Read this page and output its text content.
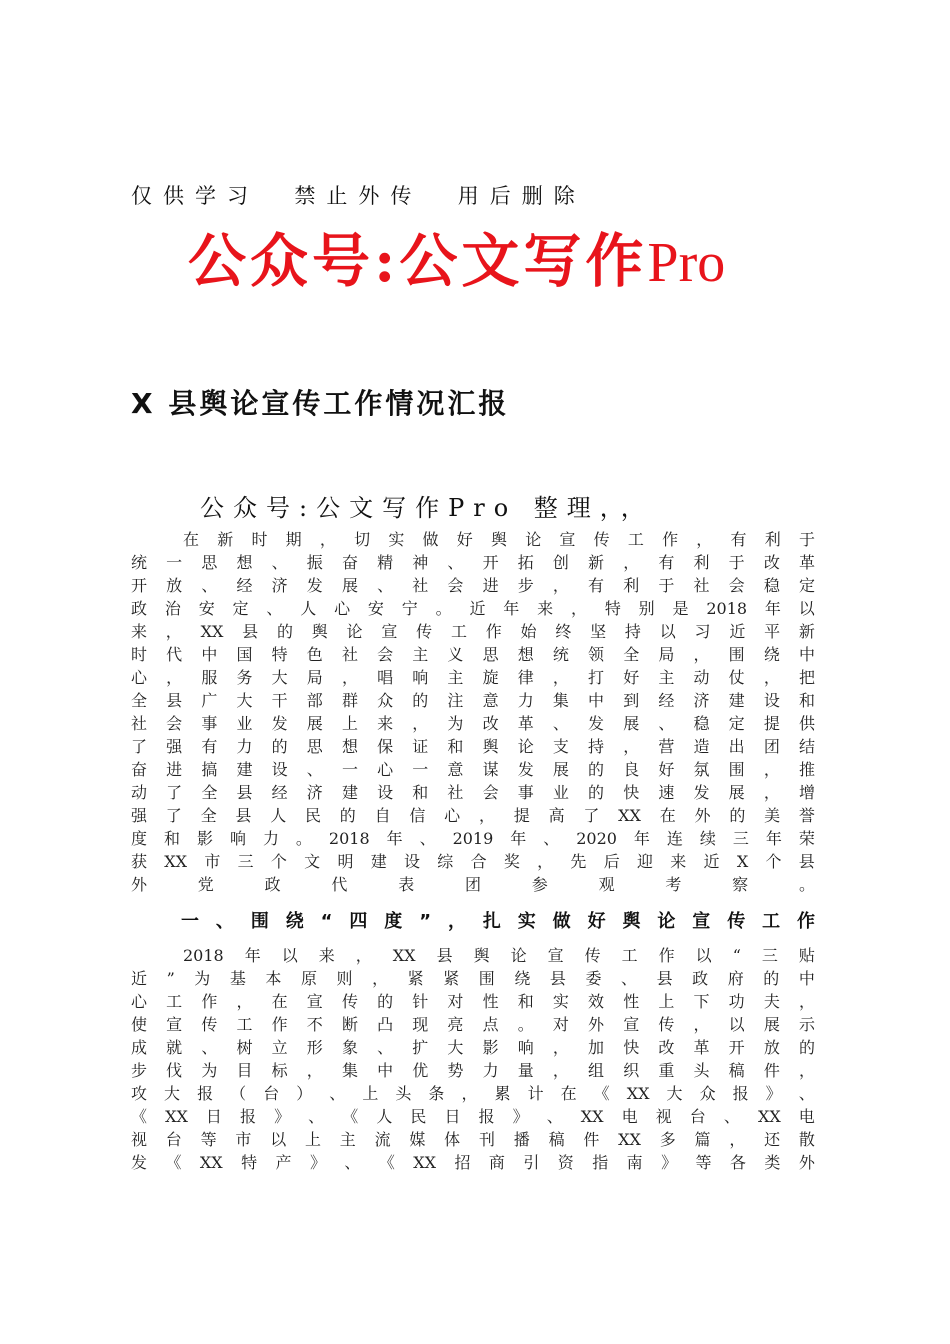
仅供学习  禁止外传  用后删除
公众号:公文写作Pro
X 县舆论宣传工作情况汇报
公众号:公文写作Pro 整理，，
在 新 时 期 ， 切 实 做 好 舆 论 宣 传 工 作 ， 有 利 于
统 一 思 想 、 振 奋 精 神 、 开 拓 创 新 ， 有 利 于 改 革
开 放 、 经 济 发 展 、 社 会 进 步 ， 有 利 于 社 会 稳 定
政 治 安 定 、 人 心 安 宁 。 近 年 来 ， 特 别 是 2018 年 以
来 ， XX 县 的 舆 论 宣 传 工 作 始 终 坚 持 以 习 近 平 新
时 代 中 国 特 色 社 会 主 义 思 想 统 领 全 局 ， 围 绕 中
心 ， 服 务 大 局 ， 唱 响 主 旋 律 ， 打 好 主 动 仗 ， 把
全 县 广 大 干 部 群 众 的 注 意 力 集 中 到 经 济 建 设 和
社 会 事 业 发 展 上 来 ， 为 改 革 、 发 展 、 稳 定 提 供
了 强 有 力 的 思 想 保 证 和 舆 论 支 持 ， 营 造 出 团 结
奋 进 搞 建 设 、 一 心 一 意 谋 发 展 的 良 好 氛 围 ， 推
动 了 全 县 经 济 建 设 和 社 会 事 业 的 快 速 发 展 ， 增
强 了 全 县 人 民 的 自 信 心 ， 提 高 了 XX 在 外 的 美 誉
度 和 影 响 力 。 2018 年 、 2019 年 、 2020 年 连 续 三 年 荣
获 XX 市 三 个 文 明 建 设 综 合 奖 ， 先 后 迎 来 近 X 个 县
外	党	政	代	表	团	参	观	考	察	。
一 、 围 绕 “ 四 度 ” ， 扎 实 做 好 舆 论 宣 传 工 作
2018 年 以 来 ， XX 县 舆 论 宣 传 工 作 以 “ 三 贴
近 ” 为 基 本 原 则 ， 紧 紧 围 绕 县 委 、 县 政 府 的 中
心 工 作 ， 在 宣 传 的 针 对 性 和 实 效 性 上 下 功 夫 ，
使 宣 传 工 作 不 断 凸 现 亮 点 。 对 外 宣 传 ， 以 展 示
成 就 、 树 立 形 象 、 扩 大 影 响 ， 加 快 改 革 开 放 的
步 伐 为 目 标 ， 集 中 优 势 力 量 ， 组 织 重 头 稿 件 ，
攻 大 报 （ 台 ） 、 上 头 条 ， 累 计 在 《 XX 大 众 报 》 、
《 XX 日 报 》 、 《 人 民 日 报 》 、 XX 电 视 台 、 XX 电
视 台 等 市 以 上 主 流 媒 体 刊 播 稿 件 XX 多 篇 ， 还 散
发 《 XX 特 产 》 、 《 XX 招 商 引 资 指 南 》 等 各 类 外
